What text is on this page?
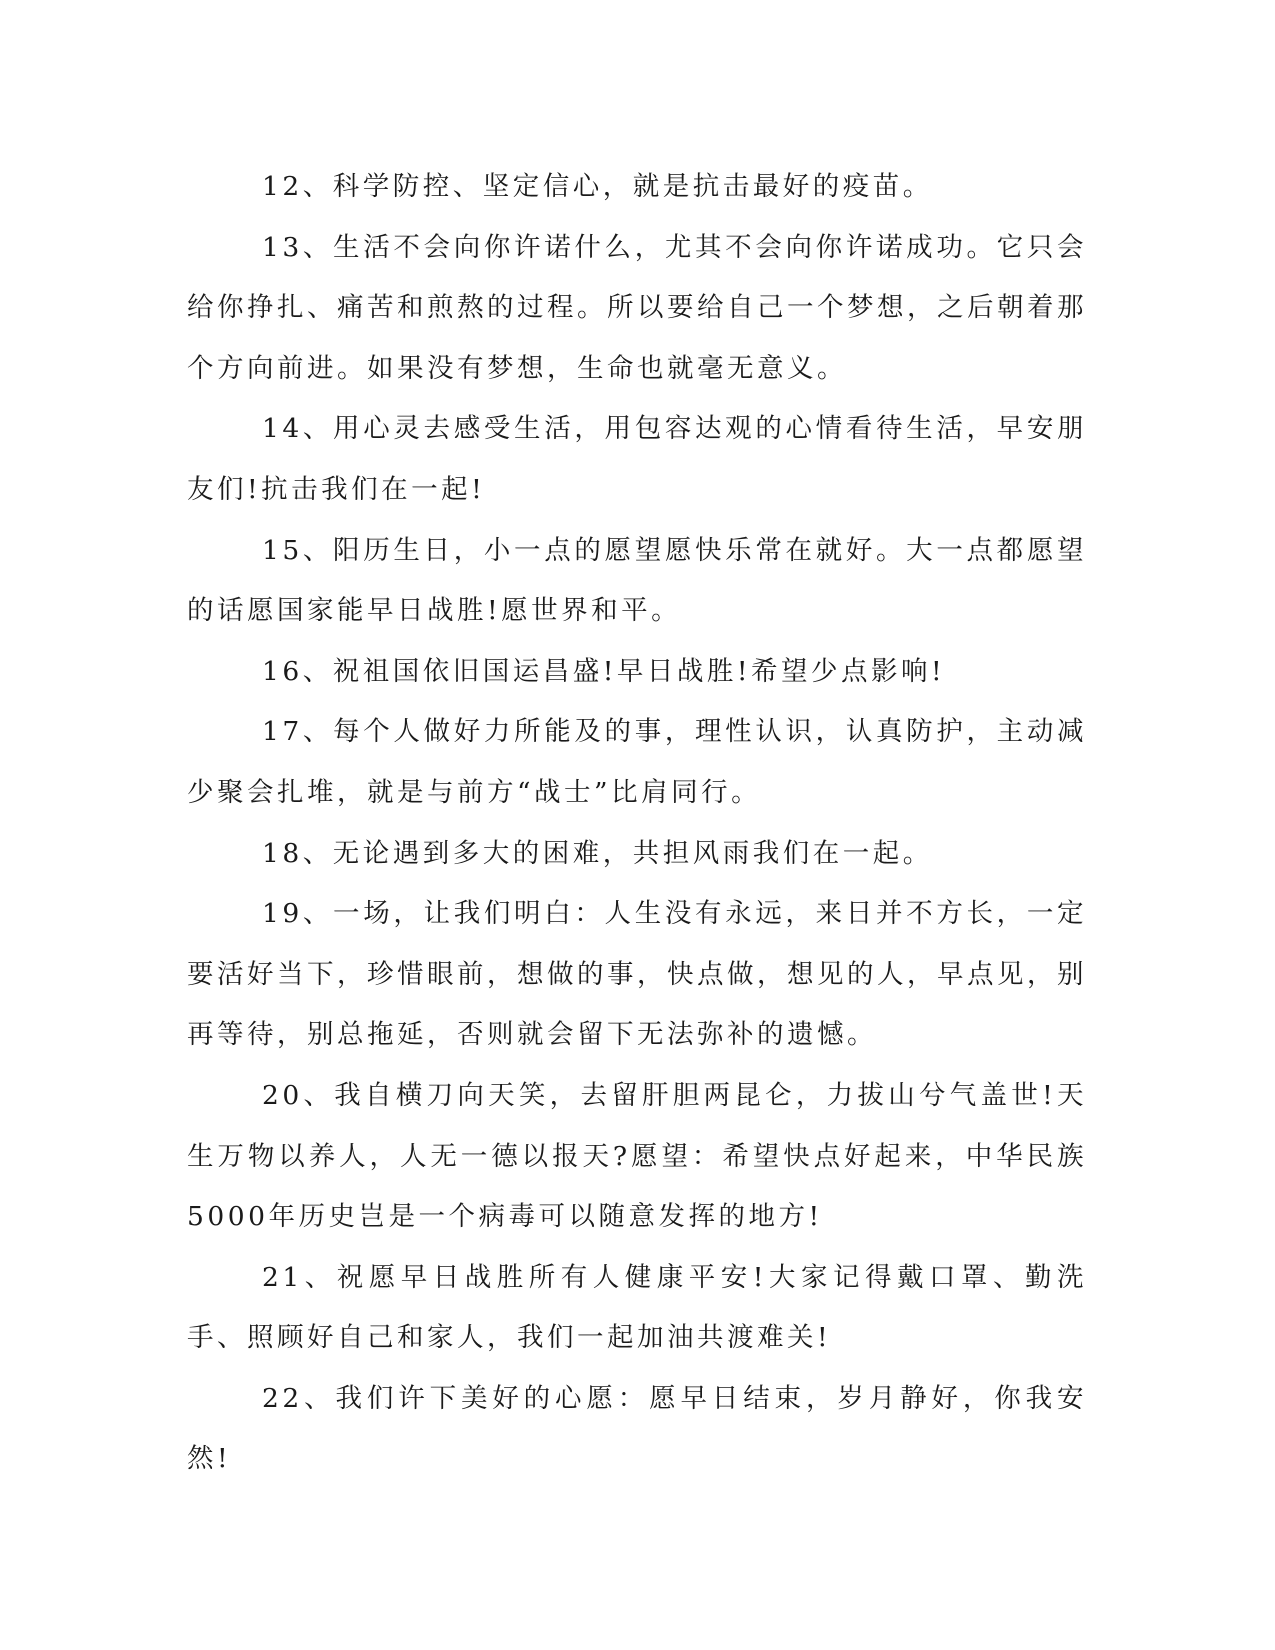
12、科学防控、坚定信心，就是抗击最好的疫苗。

13、生活不会向你许诺什么，尤其不会向你许诺成功。它只会给你挣扎、痛苦和煎熬的过程。所以要给自己一个梦想，之后朝着那个方向前进。如果没有梦想，生命也就毫无意义。

14、用心灵去感受生活，用包容达观的心情看待生活，早安朋友们!抗击我们在一起!

15、阳历生日，小一点的愿望愿快乐常在就好。大一点都愿望的话愿国家能早日战胜!愿世界和平。

16、祝祖国依旧国运昌盛!早日战胜!希望少点影响!

17、每个人做好力所能及的事，理性认识，认真防护，主动减少聚会扎堆，就是与前方“战士”比肩同行。

18、无论遇到多大的困难，共担风雨我们在一起。

19、一场，让我们明白：人生没有永远，来日并不方长，一定要活好当下，珍惜眼前，想做的事，快点做，想见的人，早点见，别再等待，别总拖延，否则就会留下无法弥补的遗憾。

20、我自横刀向天笑，去留肝胆两昆仑，力拔山兮气盖世!天生万物以养人，人无一德以报天?愿望：希望快点好起来，中华民族5000年历史岂是一个病毒可以随意发挥的地方!

21、祝愿早日战胜所有人健康平安!大家记得戴口罩、勤洗手、照顾好自己和家人，我们一起加油共渡难关!

22、我们许下美好的心愿：愿早日结束，岁月静好，你我安然!
